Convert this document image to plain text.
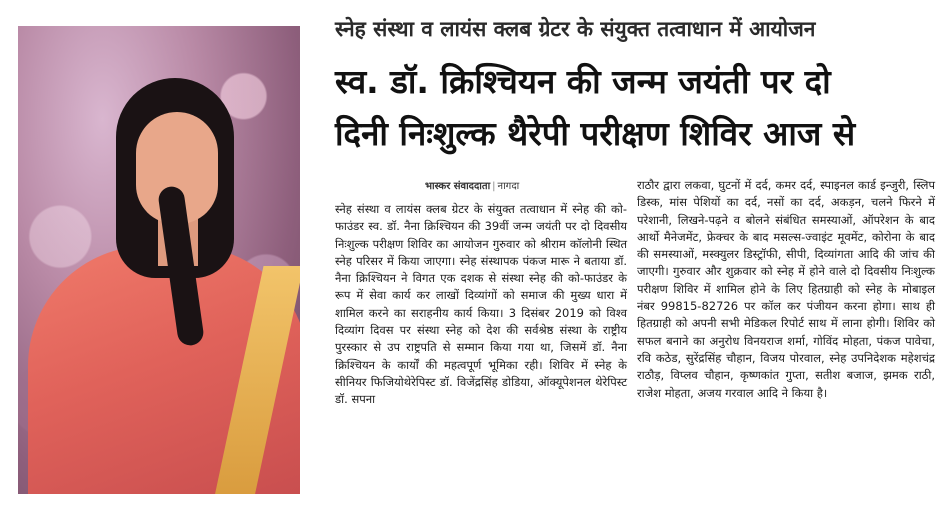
स्नेह संस्था व लायंस क्लब ग्रेटर के संयुक्त तत्वाधान में आयोजन
स्व. डॉ. क्रिश्चियन की जन्म जयंती पर दो
दिनी निःशुल्क थैरेपी परीक्षण शिविर आज से
भास्कर संवाददाता | नागदा
स्नेह संस्था व लायंस क्लब ग्रेटर के संयुक्त तत्वाधान में स्नेह की को-फाउंडर स्व. डॉ. नैना क्रिश्चियन की 39वीं जन्म जयंती पर दो दिवसीय निःशुल्क परीक्षण शिविर का आयोजन गुरुवार को श्रीराम कॉलोनी स्थित स्नेह परिसर में किया जाएगा। स्नेह संस्थापक पंकज मारू ने बताया डॉ. नैना क्रिश्चियन ने विगत एक दशक से संस्था स्नेह की को-फाउंडर के रूप में सेवा कार्य कर लाखों दिव्यांगों को समाज की मुख्य धारा में शामिल करने का सराहनीय कार्य किया। 3 दिसंबर 2019 को विश्व दिव्यांग दिवस पर संस्था स्नेह को देश की सर्वश्रेष्ठ संस्था के राष्ट्रीय पुरस्कार से उप राष्ट्रपति से सम्मान किया गया था, जिसमें डॉ. नैना क्रिश्चियन के कार्यों की महत्वपूर्ण भूमिका रही। शिविर में स्नेह के सीनियर फिजियोथेरेपिस्ट डॉ. विजेंद्रसिंह डोडिया, ऑक्यूपेशनल थेरेपिस्ट डॉ. सपना
राठौर द्वारा लकवा, घुटनों में दर्द, कमर दर्द, स्पाइनल कार्ड इन्जुरी, स्लिप डिस्क, मांस पेशियों का दर्द, नसों का दर्द, अकड़न, चलने फिरने में परेशानी, लिखने-पढ़ने व बोलने संबंधित समस्याओं, ऑपरेशन के बाद आर्थो मैनेजमेंट, फ्रेक्चर के बाद मसल्स-ज्वाइंट मूवमेंट, कोरोना के बाद की समस्याओं, मस्क्युलर डिस्ट्रॉफी, सीपी, दिव्यांगता आदि की जांच की जाएगी। गुरुवार और शुक्रवार को स्नेह में होने वाले दो दिवसीय निःशुल्क परीक्षण शिविर में शामिल होने के लिए हितग्राही को स्नेह के मोबाइल नंबर 99815-82726 पर कॉल कर पंजीयन करना होगा। साथ ही हितग्राही को अपनी सभी मेडिकल रिपोर्ट साथ में लाना होगी। शिविर को सफल बनाने का अनुरोध विनयराज शर्मा, गोविंद मोहता, पंकज पावेचा, रवि कठेड, सुरेंद्रसिंह चौहान, विजय पोरवाल, स्नेह उपनिदेशक महेशचंद्र राठौड़, विप्लव चौहान, कृष्णकांत गुप्ता, सतीश बजाज, झमक राठी, राजेश मोहता, अजय गरवाल आदि ने किया है।
